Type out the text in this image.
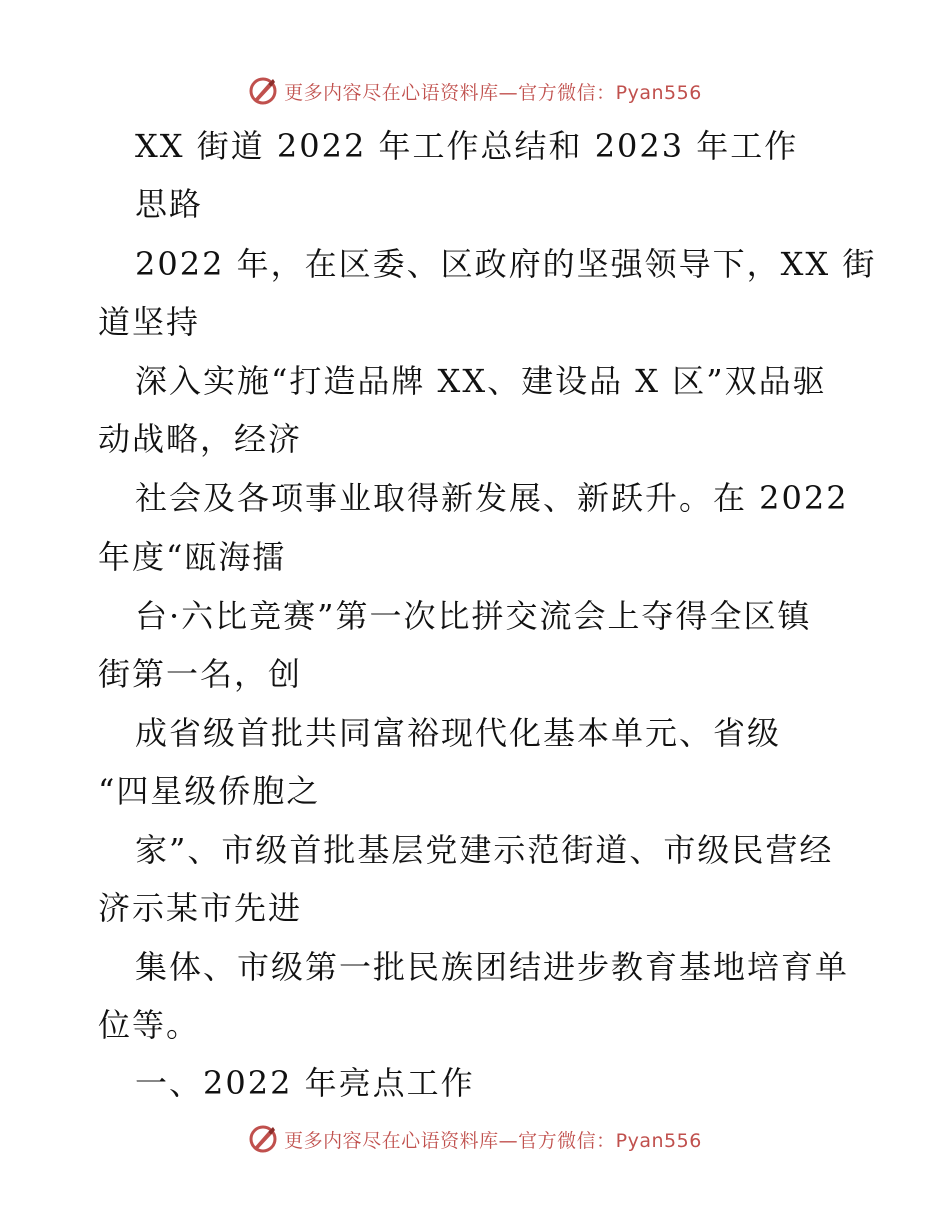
更多内容尽在心语资料库—官方微信：Pyan556
XX 街道 2022 年工作总结和 2023 年工作
思路
2022 年，在区委、区政府的坚强领导下，XX 街
道坚持
深入实施“打造品牌 XX、建设品 X 区”双品驱
动战略，经济
社会及各项事业取得新发展、新跃升。在 2022
年度“瓯海擂
台·六比竞赛”第一次比拼交流会上夺得全区镇
街第一名，创
成省级首批共同富裕现代化基本单元、省级
“四星级侨胞之
家”、市级首批基层党建示范街道、市级民营经
济示某市先进
集体、市级第一批民族团结进步教育基地培育单
位等。
一、2022 年亮点工作
更多内容尽在心语资料库—官方微信：Pyan556
